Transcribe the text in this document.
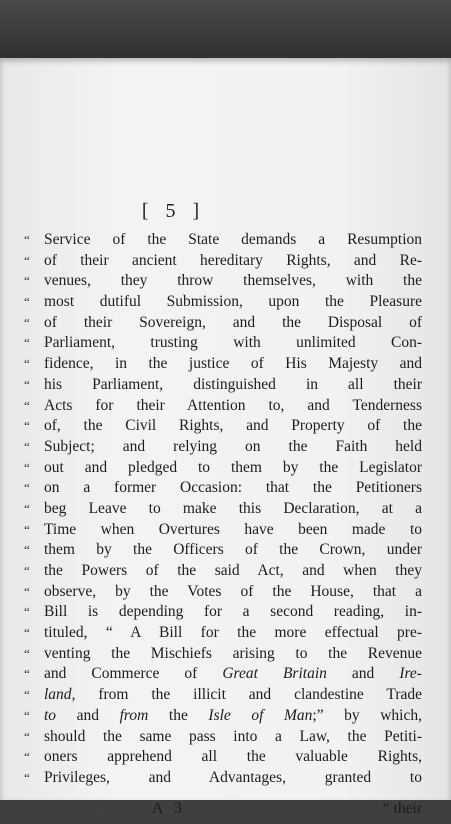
[ 5 ]
“ Service of the State demands a Resumption
“ of their ancient hereditary Rights, and Re-
“ venues, they throw themselves, with the
“ most dutiful Submission, upon the Pleasure
“ of their Sovereign, and the Disposal of
“ Parliament, trusting with unlimited Con-
“ fidence, in the justice of His Majesty and
“ his Parliament, distinguished in all their
“ Acts for their Attention to, and Tenderness
“ of, the Civil Rights, and Property of the
“ Subject; and relying on the Faith held
“ out and pledged to them by the Legislator
“ on a former Occasion: that the Petitioners
“ beg Leave to make this Declaration, at a
“ Time when Overtures have been made to
“ them by the Officers of the Crown, under
“ the Powers of the said Act, and when they
“ observe, by the Votes of the House, that a
“ Bill is depending for a second reading, in-
“ tituled, “ A Bill for the more effectual pre-
“ venting the Mischiefs arising to the Revenue
“ and Commerce of Great Britain and Ire-
“ land, from the illicit and clandestine Trade
“ to and from the Isle of Man;” by which,
“ should the same pass into a Law, the Petiti-
“ oners apprehend all the valuable Rights,
“ Privileges, and Advantages, granted to
,	A 3	“ their
